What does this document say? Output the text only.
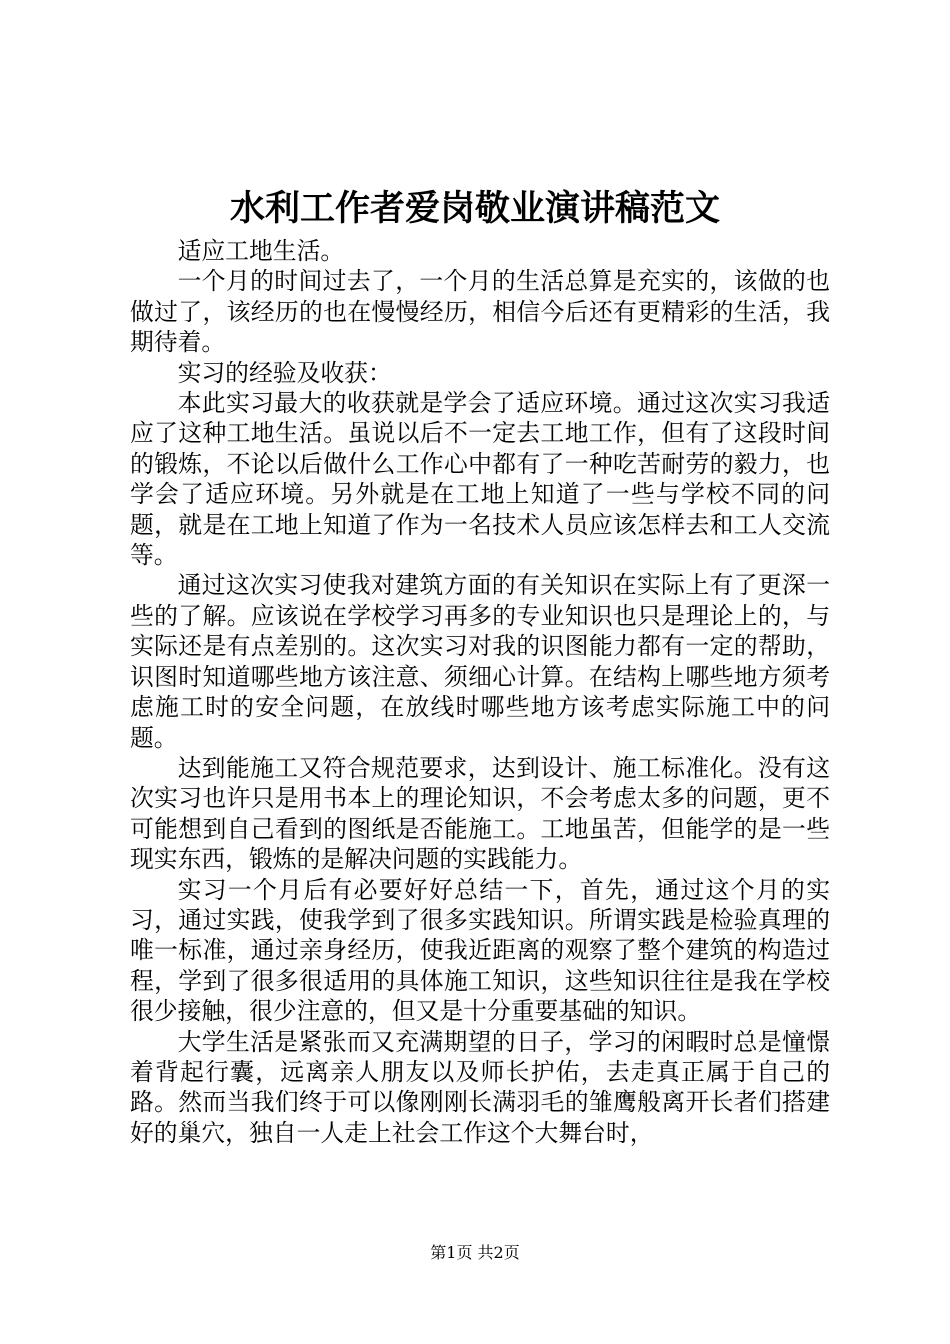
水利工作者爱岗敬业演讲稿范文

适应工地生活。

一个月的时间过去了，一个月的生活总算是充实的，该做的也做过了，该经历的也在慢慢经历，相信今后还有更精彩的生活，我期待着。

实习的经验及收获：

本此实习最大的收获就是学会了适应环境。通过这次实习我适应了这种工地生活。虽说以后不一定去工地工作，但有了这段时间的锻炼，不论以后做什么工作心中都有了一种吃苦耐劳的毅力，也学会了适应环境。另外就是在工地上知道了一些与学校不同的问题，就是在工地上知道了作为一名技术人员应该怎样去和工人交流等。

通过这次实习使我对建筑方面的有关知识在实际上有了更深一些的了解。应该说在学校学习再多的专业知识也只是理论上的，与实际还是有点差别的。这次实习对我的识图能力都有一定的帮助，识图时知道哪些地方该注意、须细心计算。在结构上哪些地方须考虑施工时的安全问题，在放线时哪些地方该考虑实际施工中的问题。

达到能施工又符合规范要求，达到设计、施工标准化。没有这次实习也许只是用书本上的理论知识，不会考虑太多的问题，更不可能想到自己看到的图纸是否能施工。工地虽苦，但能学的是一些现实东西，锻炼的是解决问题的实践能力。

实习一个月后有必要好好总结一下，首先，通过这个月的实习，通过实践，使我学到了很多实践知识。所谓实践是检验真理的唯一标准，通过亲身经历，使我近距离的观察了整个建筑的构造过程，学到了很多很适用的具体施工知识，这些知识往往是我在学校很少接触，很少注意的，但又是十分重要基础的知识。

大学生活是紧张而又充满期望的日子，学习的闲暇时总是憧憬着背起行囊，远离亲人朋友以及师长护佑，去走真正属于自己的路。然而当我们终于可以像刚刚长满羽毛的雏鹰般离开长者们搭建好的巢穴，独自一人走上社会工作这个大舞台时，

第1页 共2页
